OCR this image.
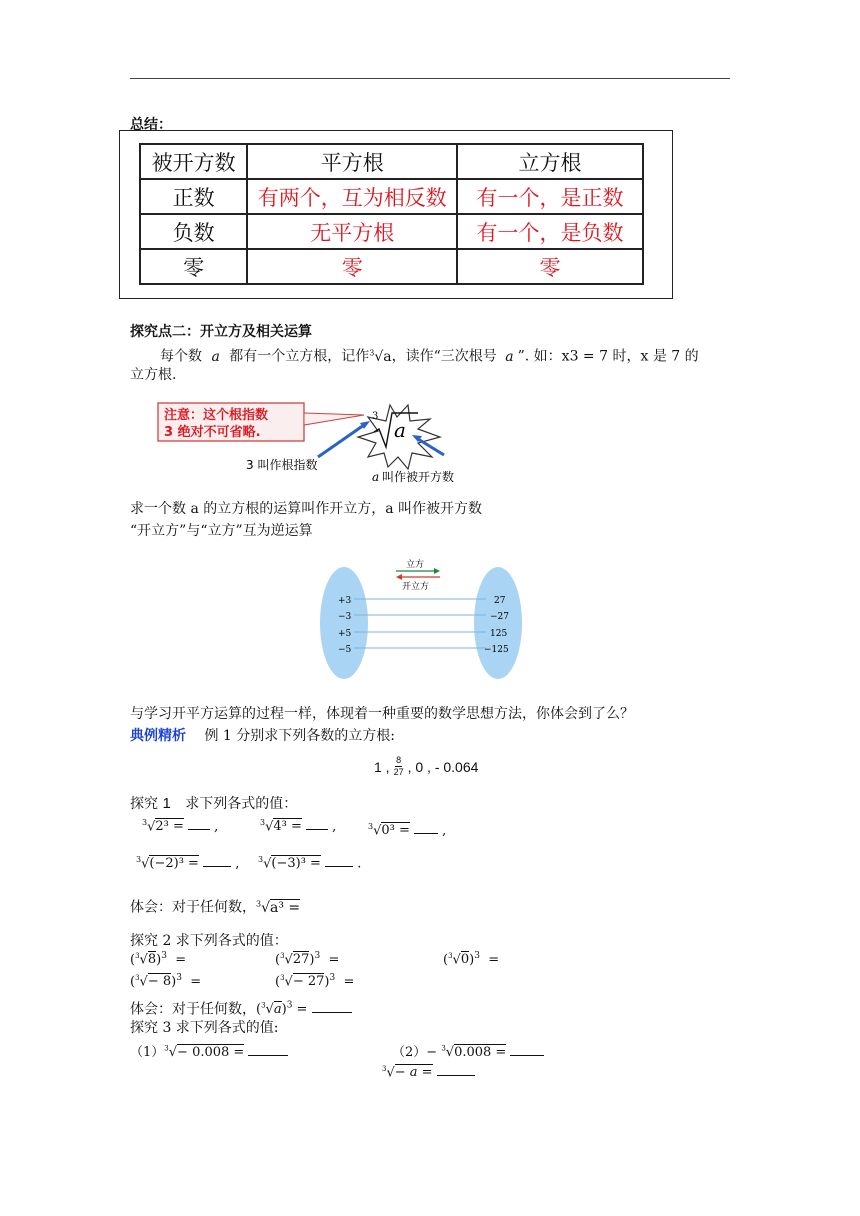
总结：
被开方数	平方根	立方根
正数	有两个，互为相反数	有一个，是正数
负数	无平方根	有一个，是负数
零	零	零
探究点二：开立方及相关运算
每个数 a 都有一个立方根，记作$^3$√a，读作“三次根号 a ”. 如：x3 = 7 时，x 是 7 的
立方根.
注意：这个根指数
3 绝对不可省略.
3
a
3 叫作根指数
a 叫作被开方数
求一个数 a 的立方根的运算叫作开立方，a 叫作被开方数
“开立方”与“立方”互为逆运算
立方
开立方
+3
−3
+5
−5
27
−27
125
−125
与学习开平方运算的过程一样，体现着一种重要的数学思想方法，你体会到了么？
典例精析 例 1 分别求下列各数的立方根:
1 , $\frac{8}{27}$ , 0 , - 0.064
探究 1 求下列各式的值：
$^3$√2³ =  ,	$^3$√4³ =  ,	$^3$√0³ =  ,
$^3$√(−2)³ =  , $^3$√(−3)³ =  .
体会：对于任何数，$^3$√a³ =
探究 2 求下列各式的值：
$(^3√8)^3$  =	$(^3√27)^3$  =	$(^3√0)^3$  =
$(^3√- 8)^3$  =	$(^3√- 27)^3$  =
体会：对于任何数，$(^3√a)^3$ =
探究 3 求下列各式的值:
$(1)^3√- 0.008$ =	（2）− $^3$√0.008 =
$^3$√− a =
